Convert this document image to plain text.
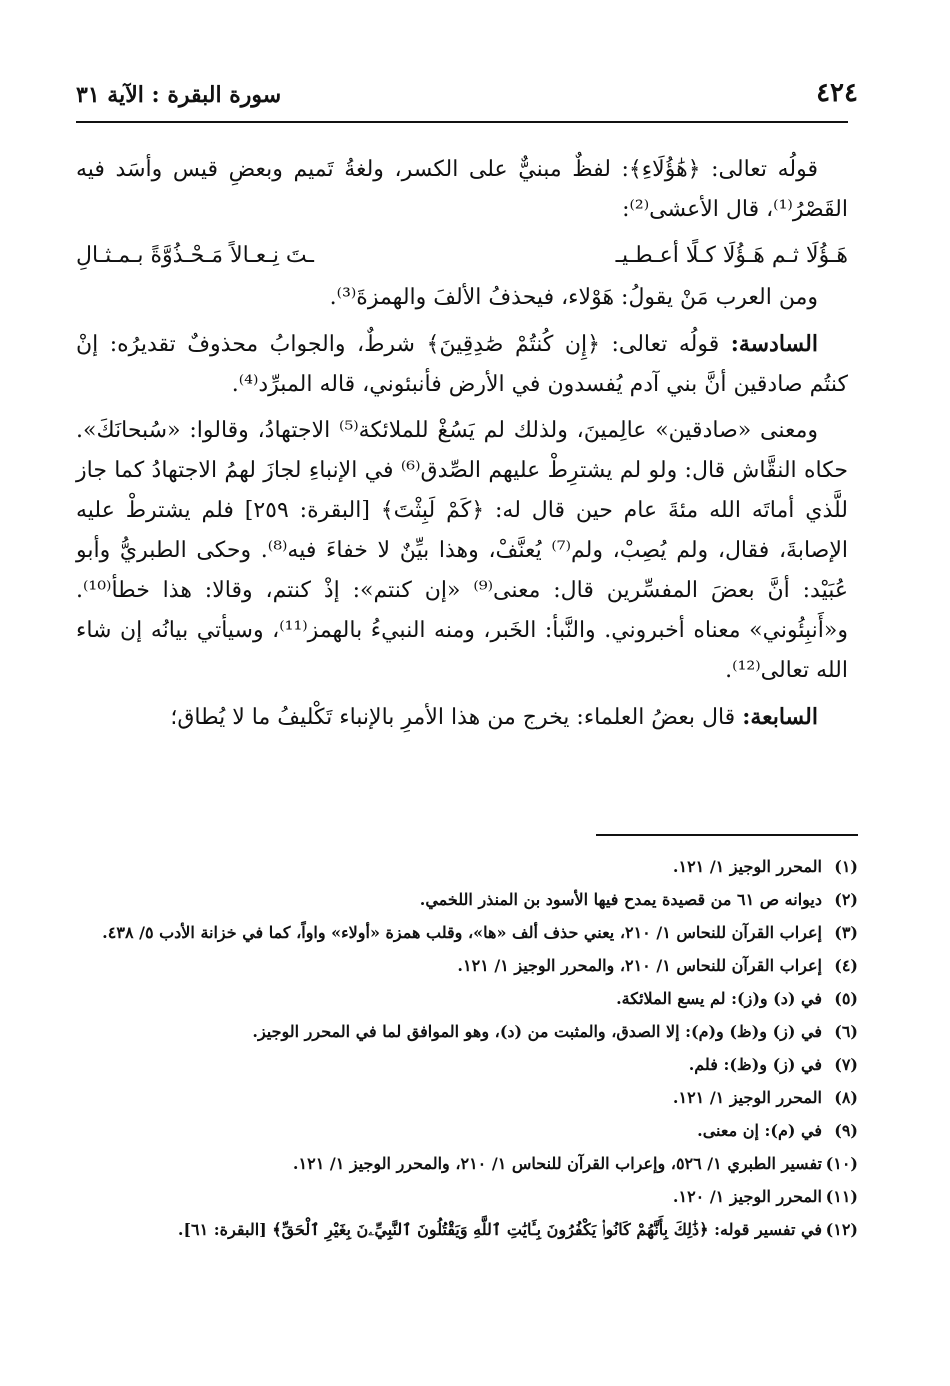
٤٢٤
سورة البقرة : الآية ٣١

قولُه تعالى: ﴿هَٰؤُلَاءِ﴾: لفظٌ مبنيٌّ على الكسر، ولغةُ تَميم وبعضِ قيس وأسَد فيه القَصْرُ⁽¹⁾، قال الأعشى⁽²⁾:

هَـؤُلَا ثـم هَـؤُلَا كـلًا أعـطـيـ
ـتَ نِـعـالاً مَـحْـذُوَّةً بـمـثـالِ

ومن العرب مَنْ يقولُ: هَوْلاء، فيحذفُ الألفَ والهمزةَ⁽³⁾.

السادسة: قولُه تعالى: ﴿إِن كُنتُمْ صَٰدِقِينَ﴾ شرطٌ، والجوابُ محذوفٌ تقديرُه: إنْ كنتُم صادقين أنَّ بني آدم يُفسدون في الأرض فأنبئوني، قاله المبرِّد⁽⁴⁾.

ومعنى «صادقين» عالِمينَ، ولذلك لم يَسُغْ للملائكة⁽⁵⁾ الاجتهادُ، وقالوا: «سُبحانَكَ». حكاه النقَّاش قال: ولو لم يشترِطْ عليهم الصِّدق⁽⁶⁾ في الإنباءِ لجازَ لهمُ الاجتهادُ كما جاز للَّذي أماتَه الله مئةَ عام حين قال له: ﴿كَمْ لَبِثْتَ﴾ [البقرة: ٢٥٩] فلم يشترطْ عليه الإصابةَ، فقال، ولم يُصِبْ، ولم⁽⁷⁾ يُعنَّفْ، وهذا بيِّنٌ لا خفاءَ فيه⁽⁸⁾. وحكى الطبريُّ وأبو عُبَيْد: أنَّ بعضَ المفسِّرين قال: معنى⁽⁹⁾ «إن كنتم»: إذْ كنتم، وقالا: هذا خطأ⁽¹⁰⁾. و«أَنبِئُوني» معناه أخبروني. والنَّبأ: الخَبر، ومنه النبيءُ بالهمز⁽¹¹⁾، وسيأتي بيانُه إن شاء الله تعالى⁽¹²⁾.

السابعة: قال بعضُ العلماء: يخرج من هذا الأمرِ بالإنباء تَكْليفُ ما لا يُطاق؛

(١)
المحرر الوجيز ١/ ١٢١.
(٢)
ديوانه ص ٦١ من قصيدة يمدح فيها الأسود بن المنذر اللخمي.
(٣)
إعراب القرآن للنحاس ١/ ٢١٠، يعني حذف ألف «ها»، وقلب همزة «أولاء» واواً، كما في خزانة الأدب ٥/ ٤٣٨.
(٤)
إعراب القرآن للنحاس ١/ ٢١٠، والمحرر الوجيز ١/ ١٢١.
(٥)
في (د) و(ز): لم يسع الملائكة.
(٦)
في (ز) و(ظ) و(م): إلا الصدق، والمثبت من (د)، وهو الموافق لما في المحرر الوجيز.
(٧)
في (ز) و(ظ): فلم.
(٨)
المحرر الوجيز ١/ ١٢١.
(٩)
في (م): إن معنى.
(١٠)
تفسير الطبري ١/ ٥٢٦، وإعراب القرآن للنحاس ١/ ٢١٠، والمحرر الوجيز ١/ ١٢١.
(١١)
المحرر الوجيز ١/ ١٢٠.
(١٢)
في تفسير قوله: ﴿ذَٰلِكَ بِأَنَّهُمْ كَانُوا۟ يَكْفُرُونَ بِـَٔايَٰتِ ٱللَّهِ وَيَقْتُلُونَ ٱلنَّبِيِّۦنَ بِغَيْرِ ٱلْحَقِّ﴾ [البقرة: ٦١].
